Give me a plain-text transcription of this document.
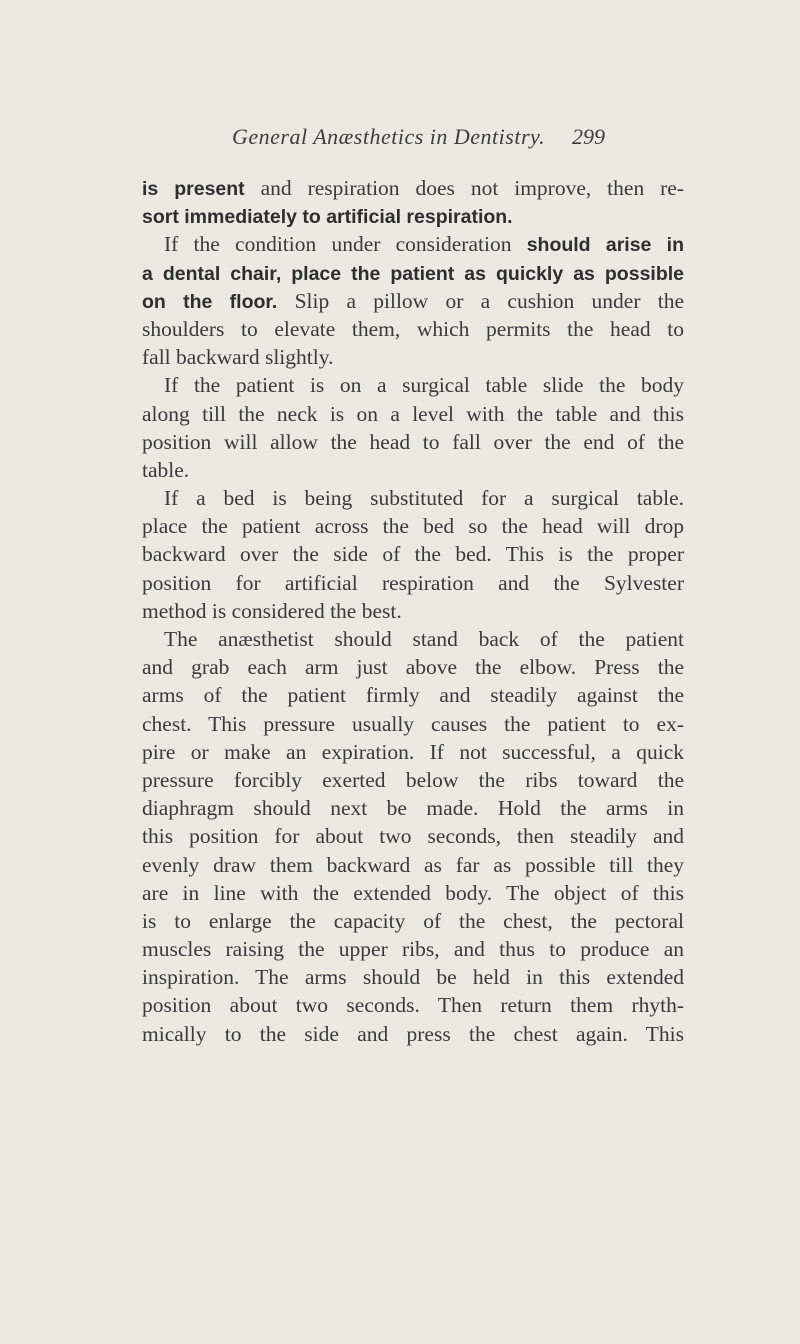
General Anæsthetics in Dentistry. 299
is present and respiration does not improve, then re-
sort immediately to artificial respiration.
If the condition under consideration should arise in
a dental chair, place the patient as quickly as possible
on the floor. Slip a pillow or a cushion under the
shoulders to elevate them, which permits the head to
fall backward slightly.
If the patient is on a surgical table slide the body
along till the neck is on a level with the table and this
position will allow the head to fall over the end of the
table.
If a bed is being substituted for a surgical table.
place the patient across the bed so the head will drop
backward over the side of the bed. This is the proper
position for artificial respiration and the Sylvester
method is considered the best.
The anæsthetist should stand back of the patient
and grab each arm just above the elbow. Press the
arms of the patient firmly and steadily against the
chest. This pressure usually causes the patient to ex-
pire or make an expiration. If not successful, a quick
pressure forcibly exerted below the ribs toward the
diaphragm should next be made. Hold the arms in
this position for about two seconds, then steadily and
evenly draw them backward as far as possible till they
are in line with the extended body. The object of this
is to enlarge the capacity of the chest, the pectoral
muscles raising the upper ribs, and thus to produce an
inspiration. The arms should be held in this extended
position about two seconds. Then return them rhyth-
mically to the side and press the chest again. This
